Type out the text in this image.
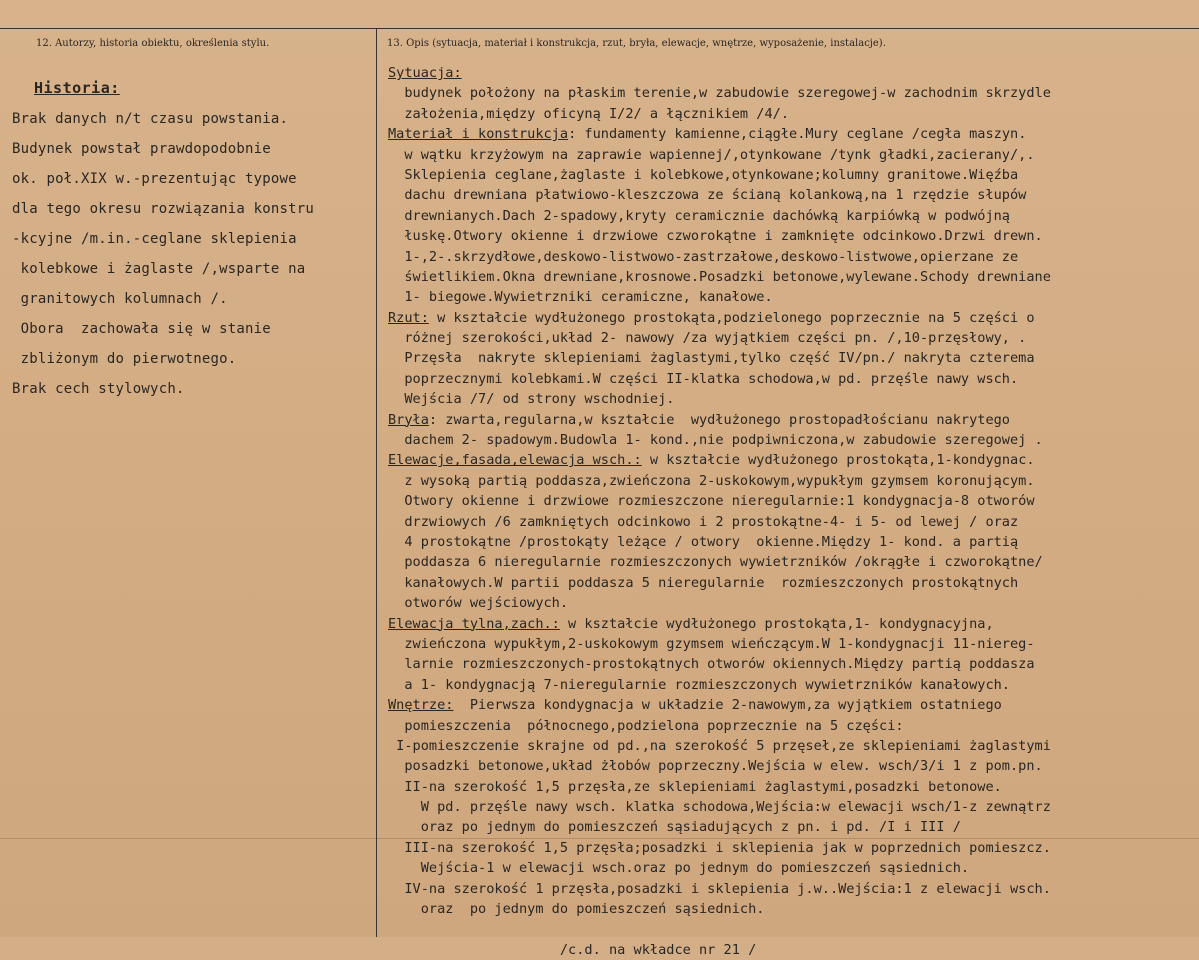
12. Autorzy, historia obiektu, określenia stylu.	13. Opis (sytuacja, materiał i konstrukcja, rzut, bryła, elewacje, wnętrze, wyposażenie, instalacje).
Historia:
Brak danych n/t czasu powstania.
Budynek powstał prawdopodobnie
ok. poł.XIX w.-prezentując typowe
dla tego okresu rozwiązania konstru
-kcyjne /m.in.-ceglane sklepienia
kolebkowe i żaglaste /,wsparte na
granitowych kolumnach /.
Obora  zachowała się w stanie
zbliżonym do pierwotnego.
Brak cech stylowych.
Sytuacja:
budynek położony na płaskim terenie,w zabudowie szeregowej-w zachodnim skrzydle
założenia,między oficyną I/2/ a łącznikiem /4/.
Materiał i konstrukcja: fundamenty kamienne,ciągłe.Mury ceglane /cegła maszyn.
w wątku krzyżowym na zaprawie wapiennej/,otynkowane /tynk gładki,zacierany/,.
Sklepienia ceglane,żaglaste i kolebkowe,otynkowane;kolumny granitowe.Więźba
dachu drewniana płatwiowo-kleszczowa ze ścianą kolankową,na 1 rzędzie słupów
drewnianych.Dach 2-spadowy,kryty ceramicznie dachówką karpiówką w podwójną
łuskę.Otwory okienne i drzwiowe czworokątne i zamknięte odcinkowo.Drzwi drewn.
1-,2-.skrzydłowe,deskowo-listwowo-zastrzałowe,deskowo-listwowe,opierzane ze
świetlikiem.Okna drewniane,krosnowe.Posadzki betonowe,wylewane.Schody drewniane
1- biegowe.Wywietrzniki ceramiczne, kanałowe.
Rzut: w kształcie wydłużonego prostokąta,podzielonego poprzecznie na 5 części o
różnej szerokości,układ 2- nawowy /za wyjątkiem części pn. /,10-przęsłowy, .
Przęsła  nakryte sklepieniami żaglastymi,tylko część IV/pn./ nakryta czterema
poprzecznymi kolebkami.W części II-klatka schodowa,w pd. przęśle nawy wsch.
Wejścia /7/ od strony wschodniej.
Bryła: zwarta,regularna,w kształcie  wydłużonego prostopadłościanu nakrytego
dachem 2- spadowym.Budowla 1- kond.,nie podpiwniczona,w zabudowie szeregowej .
Elewacje,fasada,elewacja wsch.: w kształcie wydłużonego prostokąta,1-kondygnac.
z wysoką partią poddasza,zwieńczona 2-uskokowym,wypukłym gzymsem koronującym.
Otwory okienne i drzwiowe rozmieszczone nieregularnie:1 kondygnacja-8 otworów
drzwiowych /6 zamkniętych odcinkowo i 2 prostokątne-4- i 5- od lewej / oraz
4 prostokątne /prostokąty leżące / otwory  okienne.Między 1- kond. a partią
poddasza 6 nieregularnie rozmieszczonych wywietrzników /okrągłe i czworokątne/
kanałowych.W partii poddasza 5 nieregularnie  rozmieszczonych prostokątnych
otworów wejściowych.
Elewacja tylna,zach.: w kształcie wydłużonego prostokąta,1- kondygnacyjna,
zwieńczona wypukłym,2-uskokowym gzymsem wieńczącym.W 1-kondygnacji 11-niereg-
larnie rozmieszczonych-prostokątnych otworów okiennych.Między partią poddasza
a 1- kondygnacją 7-nieregularnie rozmieszczonych wywietrzników kanałowych.
Wnętrze:  Pierwsza kondygnacja w układzie 2-nawowym,za wyjątkiem ostatniego
pomieszczenia  północnego,podzielona poprzecznie na 5 części:
I-pomieszczenie skrajne od pd.,na szerokość 5 przęseł,ze sklepieniami żaglastymi
posadzki betonowe,układ żłobów poprzeczny.Wejścia w elew. wsch/3/i 1 z pom.pn.
II-na szerokość 1,5 przęsła,ze sklepieniami żaglastymi,posadzki betonowe.
W pd. przęśle nawy wsch. klatka schodowa,Wejścia:w elewacji wsch/1-z zewnątrz
oraz po jednym do pomieszczeń sąsiadujących z pn. i pd. /I i III /
III-na szerokość 1,5 przęsła;posadzki i sklepienia jak w poprzednich pomieszcz.
Wejścia-1 w elewacji wsch.oraz po jednym do pomieszczeń sąsiednich.
IV-na szerokość 1 przęsła,posadzki i sklepienia j.w..Wejścia:1 z elewacji wsch.
oraz  po jednym do pomieszczeń sąsiednich.
/c.d. na wkładce nr 21 /
